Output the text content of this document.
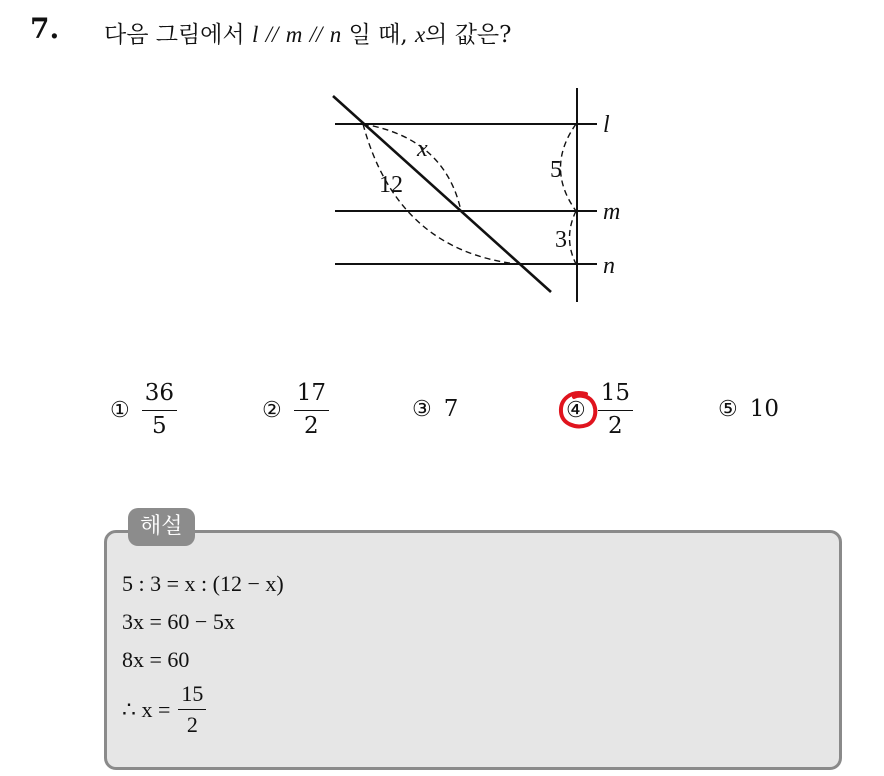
7. 다음 그림에서 l // m // n 일 때, x의 값은?
l
m
n
x
12
5
3
① $\frac{36}{5}$	② $\frac{17}{2}$	③ 7	④ $\frac{15}{2}$	⑤ 10
해설
5 : 3 = x : (12 − x)
3x = 60 − 5x
8x = 60
∴ $x = \frac{15}{2}$
